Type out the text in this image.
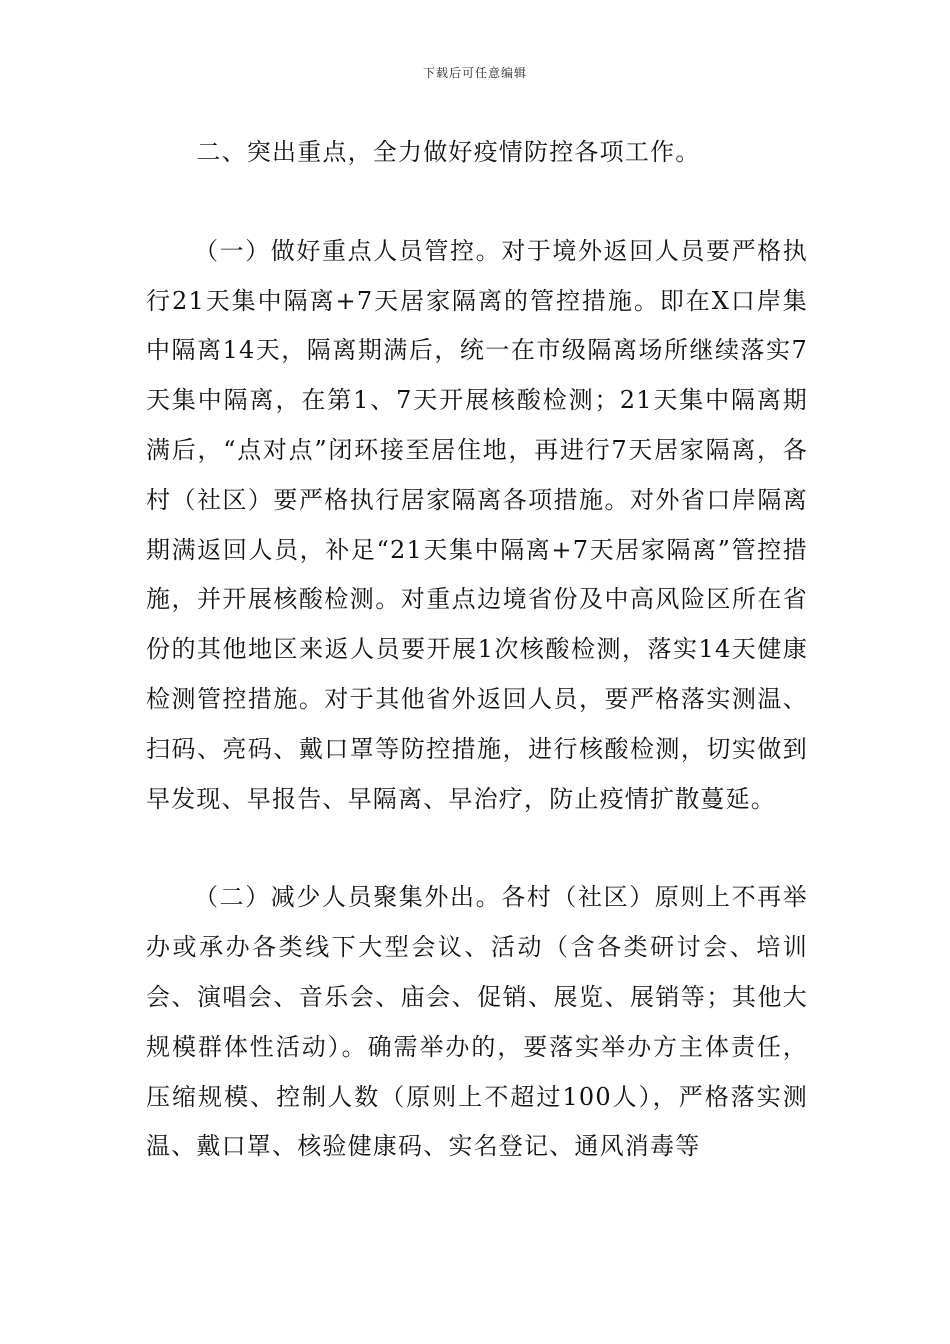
下载后可任意编辑

二、突出重点，全力做好疫情防控各项工作。

（一）做好重点人员管控。对于境外返回人员要严格执行21天集中隔离+7天居家隔离的管控措施。即在X口岸集中隔离14天，隔离期满后，统一在市级隔离场所继续落实7天集中隔离，在第1、7天开展核酸检测；21天集中隔离期满后，“点对点”闭环接至居住地，再进行7天居家隔离，各村（社区）要严格执行居家隔离各项措施。对外省口岸隔离期满返回人员，补足“21天集中隔离+7天居家隔离”管控措施，并开展核酸检测。对重点边境省份及中高风险区所在省份的其他地区来返人员要开展1次核酸检测，落实14天健康检测管控措施。对于其他省外返回人员，要严格落实测温、扫码、亮码、戴口罩等防控措施，进行核酸检测，切实做到早发现、早报告、早隔离、早治疗，防止疫情扩散蔓延。

（二）减少人员聚集外出。各村（社区）原则上不再举办或承办各类线下大型会议、活动（含各类研讨会、培训会、演唱会、音乐会、庙会、促销、展览、展销等；其他大规模群体性活动）。确需举办的，要落实举办方主体责任，压缩规模、控制人数（原则上不超过100人），严格落实测温、戴口罩、核验健康码、实名登记、通风消毒等
